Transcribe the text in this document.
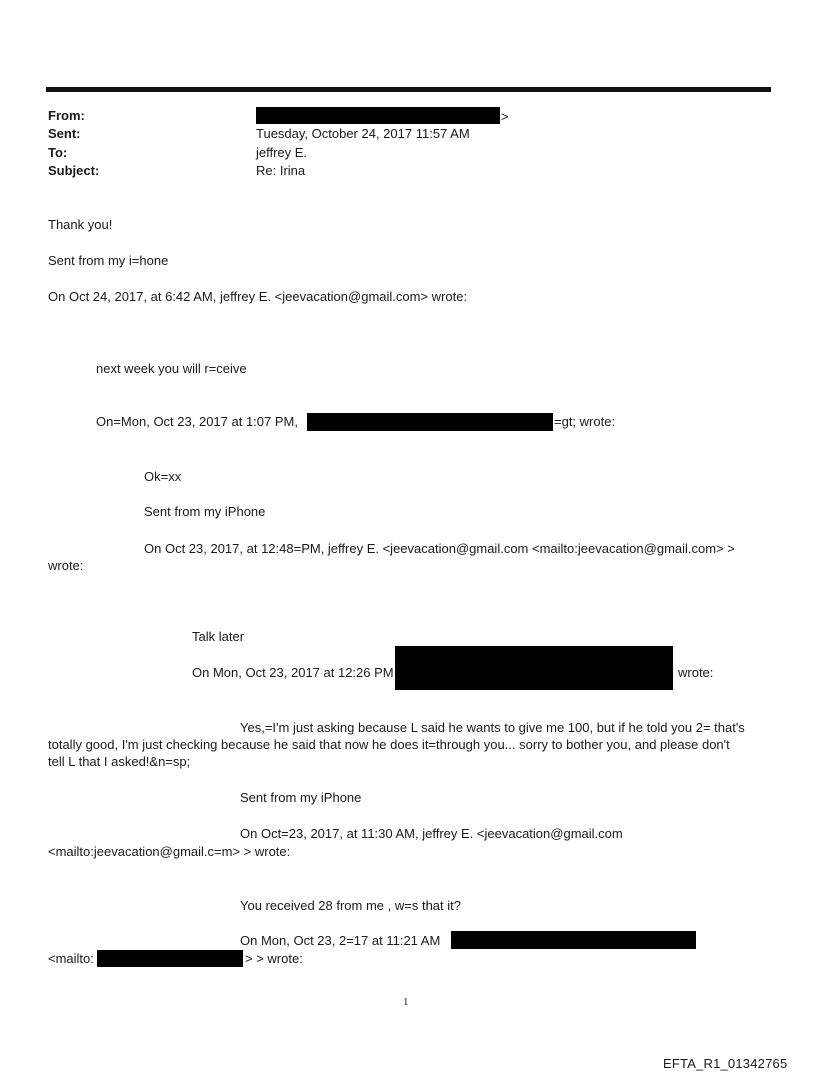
From:	>
Sent:	Tuesday, October 24, 2017 11:57 AM
To:	jeffrey E.
Subject:	Re: Irina
Thank you!
Sent from my i=hone
On Oct 24, 2017, at 6:42 AM, jeffrey E. <jeevacation@gmail.com> wrote:
next week you will r=ceive
On=Mon, Oct 23, 2017 at 1:07 PM,	=gt; wrote:
Ok=xx
Sent from my iPhone
On Oct 23, 2017, at 12:48=PM, jeffrey E. <jeevacation@gmail.com <mailto:jeevacation@gmail.com> >
wrote:
Talk later
On Mon, Oct 23, 2017 at 12:26 PM	wrote:
Yes,=I'm just asking because L said he wants to give me 100, but if he told you 2= that's
totally good, I'm just checking because he said that now he does it=through you... sorry to bother you, and please don't
tell L that I asked!&n=sp;
Sent from my iPhone
On Oct=23, 2017, at 11:30 AM, jeffrey E. <jeevacation@gmail.com
<mailto:jeevacation@gmail.c=m> > wrote:
You received 28 from me , w=s that it?
On Mon, Oct 23, 2=17 at 11:21 AM
<mailto:	> > wrote:
1
EFTA_R1_01342765
